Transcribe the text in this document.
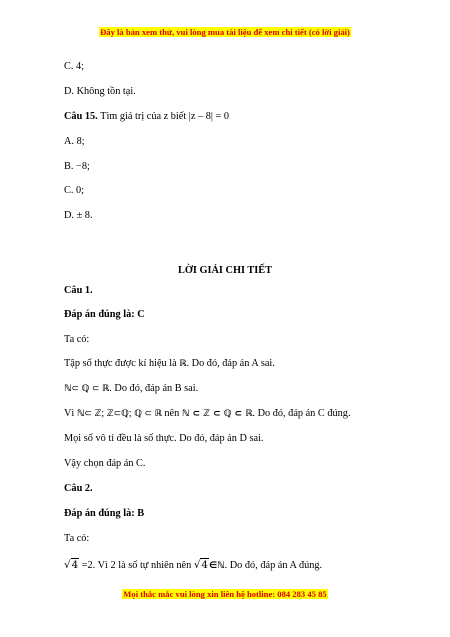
Đây là bản xem thử, vui lòng mua tài liệu để xem chi tiết (có lời giải)
C. 4;
D. Không tồn tại.
Câu 15. Tìm giá trị của z biết |z – 8| = 0
A. 8;
B. −8;
C. 0;
D. ± 8.
LỜI GIẢI CHI TIẾT
Câu 1.
Đáp án đúng là: C
Ta có:
Tập số thực được kí hiệu là ℝ. Do đó, đáp án A sai.
ℕ⊂ ℚ ⊂ ℝ. Do đó, đáp án B sai.
Vì ℕ⊂ ℤ; ℤ⊂ℚ; ℚ ⊂ ℝ nên ℕ ⊂ ℤ ⊂ ℚ ⊂ ℝ. Do đó, đáp án C đúng.
Mọi số vô tỉ đều là số thực. Do đó, đáp án D sai.
Vậy chọn đáp án C.
Câu 2.
Đáp án đúng là: B
Ta có:
√4 =2. Vì 2 là số tự nhiên nên √4∈ℕ. Do đó, đáp án A đúng.
Mọi thắc mắc vui lòng xin liên hệ hotline: 084 283 45 85
